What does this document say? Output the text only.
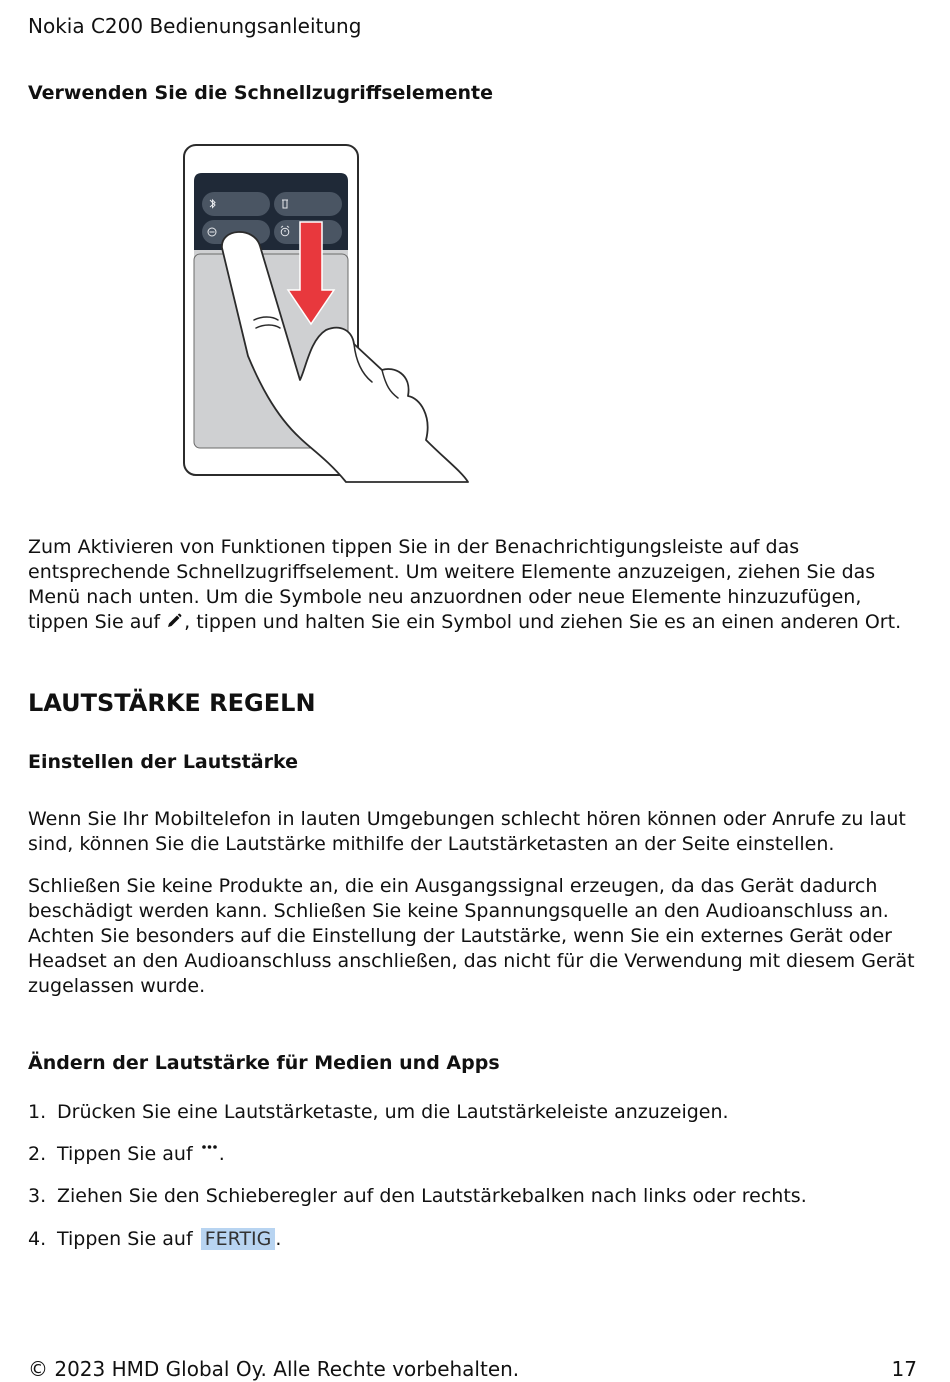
Nokia C200 Bedienungsanleitung
Verwenden Sie die Schnellzugriffselemente

Zum Aktivieren von Funktionen tippen Sie in der Benachrichtigungsleiste auf das entsprechende Schnellzugriffselement. Um weitere Elemente anzuzeigen, ziehen Sie das Menü nach unten. Um die Symbole neu anzuordnen oder neue Elemente hinzuzufügen, tippen Sie auf , tippen und halten Sie ein Symbol und ziehen Sie es an einen anderen Ort.

LAUTSTÄRKE REGELN
Einstellen der Lautstärke

Wenn Sie Ihr Mobiltelefon in lauten Umgebungen schlecht hören können oder Anrufe zu laut sind, können Sie die Lautstärke mithilfe der Lautstärketasten an der Seite einstellen.

Schließen Sie keine Produkte an, die ein Ausgangssignal erzeugen, da das Gerät dadurch beschädigt werden kann. Schließen Sie keine Spannungsquelle an den Audioanschluss an. Achten Sie besonders auf die Einstellung der Lautstärke, wenn Sie ein externes Gerät oder Headset an den Audioanschluss anschließen, das nicht für die Verwendung mit diesem Gerät zugelassen wurde.

Ändern der Lautstärke für Medien und Apps
1. Drücken Sie eine Lautstärketaste, um die Lautstärkeleiste anzuzeigen.
2. Tippen Sie auf .
3. Ziehen Sie den Schieberegler auf den Lautstärkebalken nach links oder rechts.
4. Tippen Sie auf FERTIG .
© 2023 HMD Global Oy. Alle Rechte vorbehalten.	17
